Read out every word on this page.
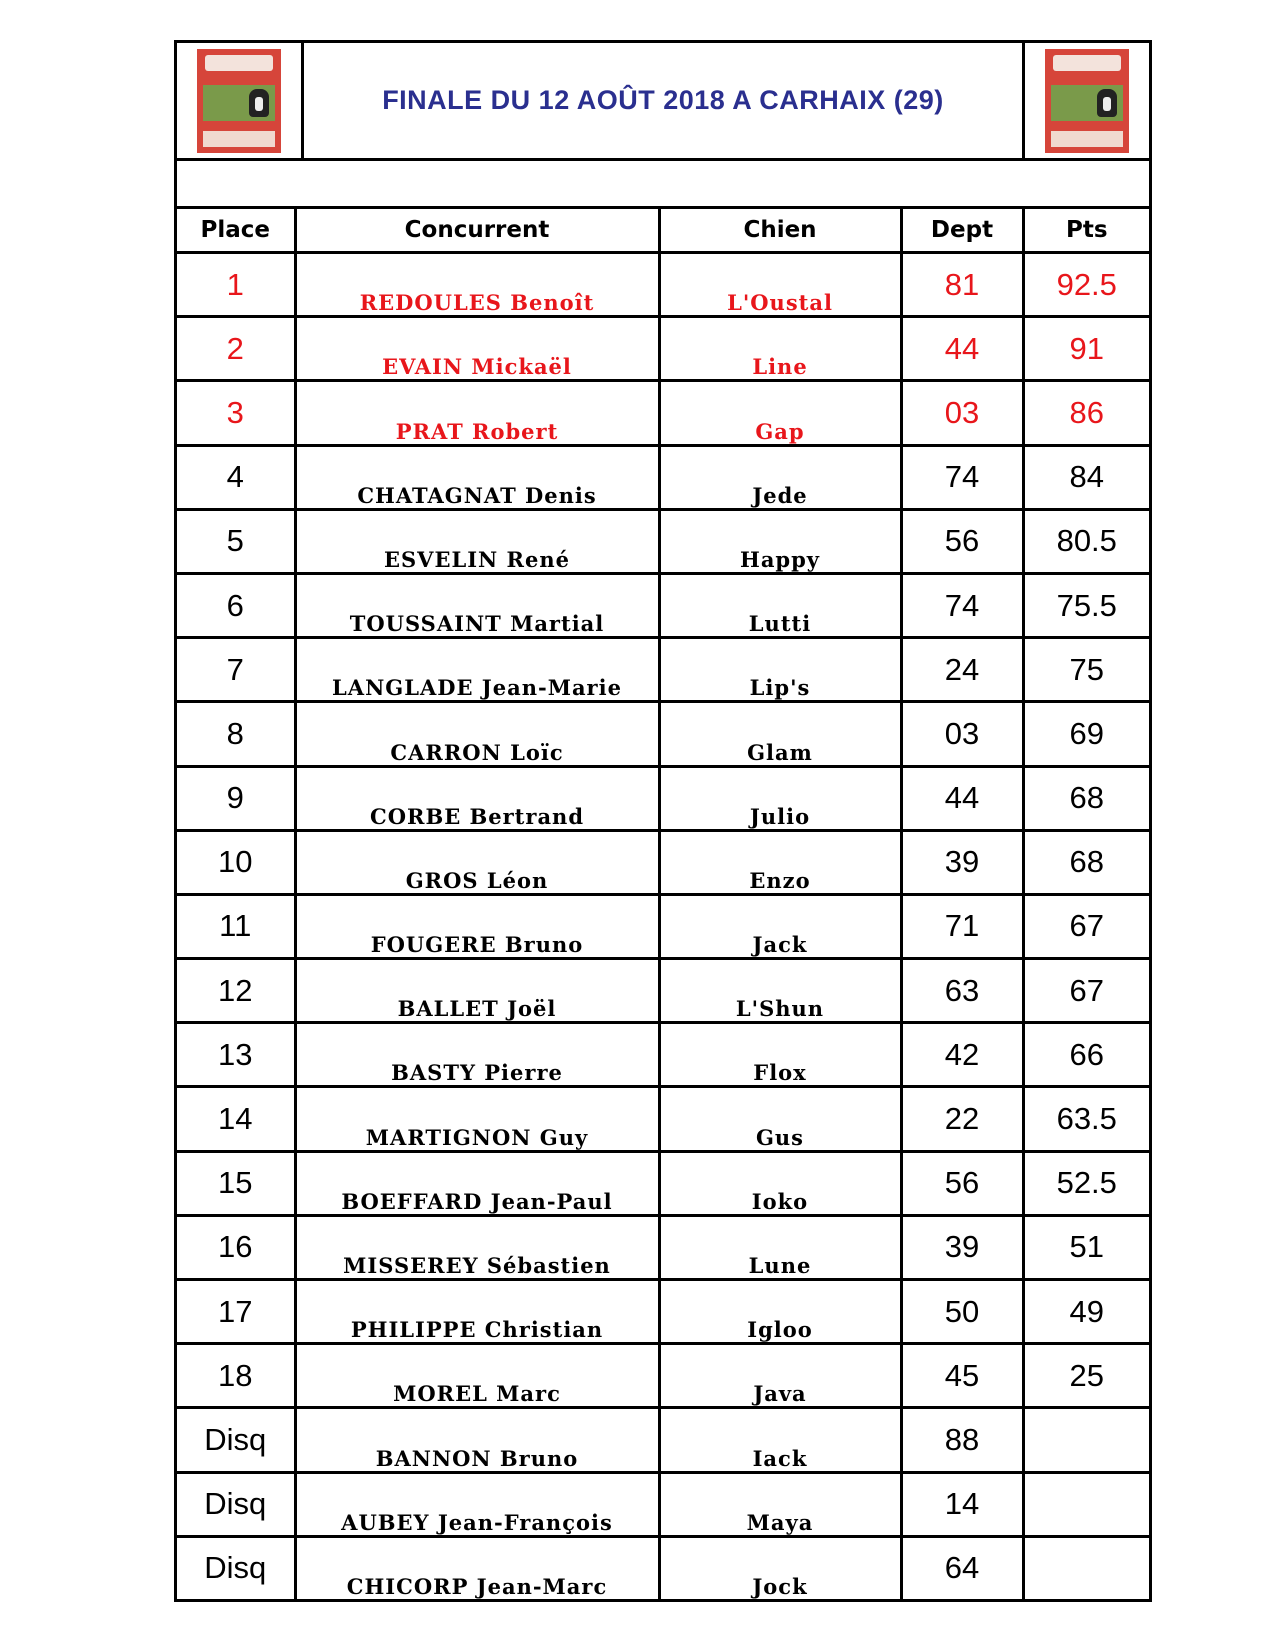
FINALE DU 12 AOÛT 2018 A CARHAIX (29)
Place	Concurrent	Chien	Dept	Pts
1	REDOULES Benoît	L'Oustal	81	92.5
2	EVAIN Mickaël	Line	44	91
3	PRAT Robert	Gap	03	86
4	CHATAGNAT Denis	Jede	74	84
5	ESVELIN René	Happy	56	80.5
6	TOUSSAINT Martial	Lutti	74	75.5
7	LANGLADE Jean-Marie	Lip's	24	75
8	CARRON Loïc	Glam	03	69
9	CORBE Bertrand	Julio	44	68
10	GROS Léon	Enzo	39	68
11	FOUGERE Bruno	Jack	71	67
12	BALLET Joël	L'Shun	63	67
13	BASTY Pierre	Flox	42	66
14	MARTIGNON Guy	Gus	22	63.5
15	BOEFFARD Jean-Paul	Ioko	56	52.5
16	MISSEREY Sébastien	Lune	39	51
17	PHILIPPE Christian	Igloo	50	49
18	MOREL Marc	Java	45	25
Disq	BANNON Bruno	Iack	88	
Disq	AUBEY Jean-François	Maya	14	
Disq	CHICORP Jean-Marc	Jock	64	
